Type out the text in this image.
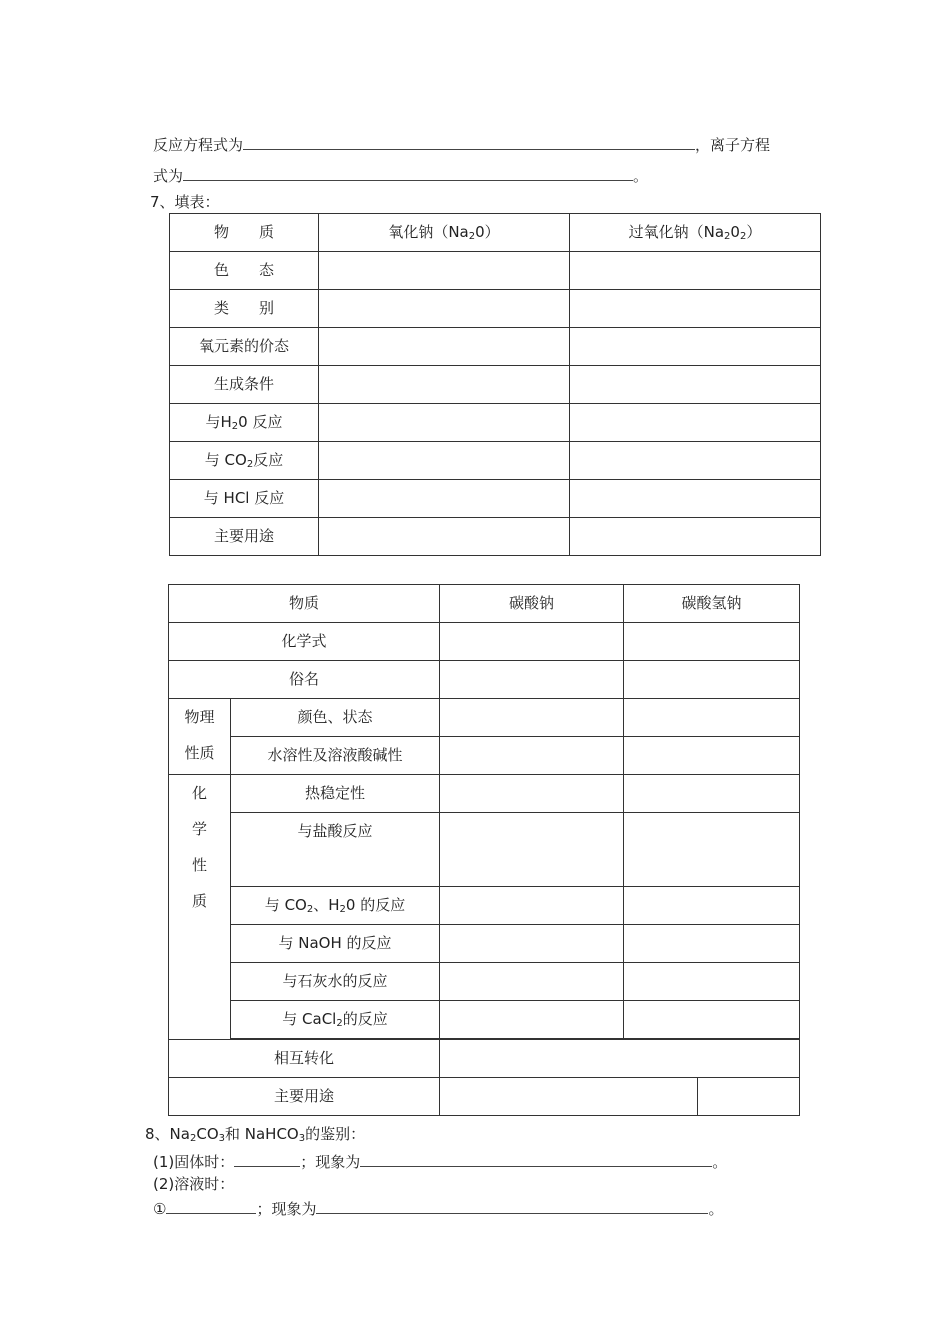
反应方程式为	，离子方程
式为	。
7、填表：
物　　质	氧化钠$(Na_20)$	过氧化钠$(Na_20_2)$

色　　态		

类　　别		

氧元素的价态		

生成条件		

与$H_20$ 反应		

与 $CO_2$反应		

与 HCl 反应		

主要用途		

物质		碳酸钠	碳酸氢钠	

化学式				

俗名				

物理
性质	颜色、状态			

	水溶性及溶液酸碱性			

化
学
性
质	热稳定性			

	与盐酸反应			

	与 $CO_2$、$H_20$ 的反应			

	与 NaOH 的反应			

	与石灰水的反应			

	与 CaCl$_2$的反应			

相互转化				

主要用途				

8、$Na_2CO_3$和 NaHCO$_3$的鉴别：
(1)固体时：	；现象为	。
(2)溶液时：
①	；现象为	。
